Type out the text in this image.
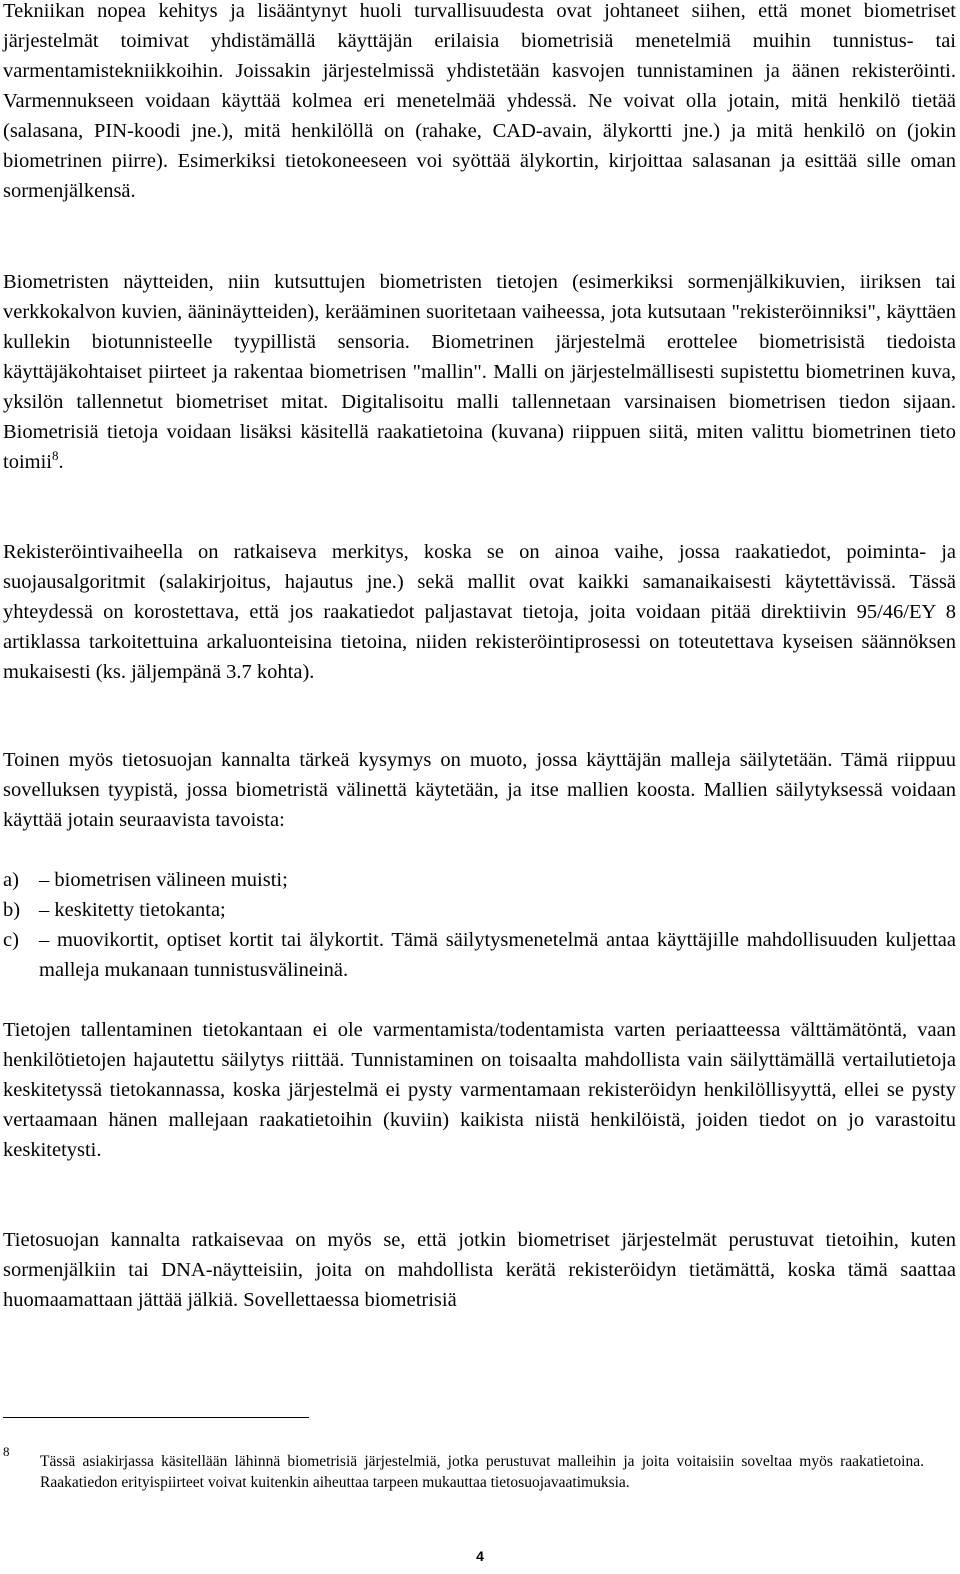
Tekniikan nopea kehitys ja lisääntynyt huoli turvallisuudesta ovat johtaneet siihen, että monet biometriset järjestelmät toimivat yhdistämällä käyttäjän erilaisia biometrisiä menetelmiä muihin tunnistus- tai varmentamistekniikkoihin. Joissakin järjestelmissä yhdistetään kasvojen tunnistaminen ja äänen rekisteröinti. Varmennukseen voidaan käyttää kolmea eri menetelmää yhdessä. Ne voivat olla jotain, mitä henkilö tietää (salasana, PIN-koodi jne.), mitä henkilöllä on (rahake, CAD-avain, älykortti jne.) ja mitä henkilö on (jokin biometrinen piirre). Esimerkiksi tietokoneeseen voi syöttää älykortin, kirjoittaa salasanan ja esittää sille oman sormenjälkensä.

Biometristen näytteiden, niin kutsuttujen biometristen tietojen (esimerkiksi sormenjälkikuvien, iiriksen tai verkkokalvon kuvien, ääninäytteiden), kerääminen suoritetaan vaiheessa, jota kutsutaan "rekisteröinniksi", käyttäen kullekin biotunnisteelle tyypillistä sensoria. Biometrinen järjestelmä erottelee biometrisistä tiedoista käyttäjäkohtaiset piirteet ja rakentaa biometrisen "mallin". Malli on järjestelmällisesti supistettu biometrinen kuva, yksilön tallennetut biometriset mitat. Digitalisoitu malli tallennetaan varsinaisen biometrisen tiedon sijaan. Biometrisiä tietoja voidaan lisäksi käsitellä raakatietoina (kuvana) riippuen siitä, miten valittu biometrinen tieto toimii$^8$.

Rekisteröintivaiheella on ratkaiseva merkitys, koska se on ainoa vaihe, jossa raakatiedot, poiminta- ja suojausalgoritmit (salakirjoitus, hajautus jne.) sekä mallit ovat kaikki samanaikaisesti käytettävissä. Tässä yhteydessä on korostettava, että jos raakatiedot paljastavat tietoja, joita voidaan pitää direktiivin 95/46/EY 8 artiklassa tarkoitettuina arkaluonteisina tietoina, niiden rekisteröintiprosessi on toteutettava kyseisen säännöksen mukaisesti (ks. jäljempänä 3.7 kohta).

Toinen myös tietosuojan kannalta tärkeä kysymys on muoto, jossa käyttäjän malleja säilytetään. Tämä riippuu sovelluksen tyypistä, jossa biometristä välinettä käytetään, ja itse mallien koosta. Mallien säilytyksessä voidaan käyttää jotain seuraavista tavoista:

a) – biometrisen välineen muisti;
b) – keskitetty tietokanta;
c) – muovikortit, optiset kortit tai älykortit. Tämä säilytysmenetelmä antaa käyttäjille mahdollisuuden kuljettaa malleja mukanaan tunnistusvälineinä.

Tietojen tallentaminen tietokantaan ei ole varmentamista/todentamista varten periaatteessa välttämätöntä, vaan henkilötietojen hajautettu säilytys riittää. Tunnistaminen on toisaalta mahdollista vain säilyttämällä vertailutietoja keskitetyssä tietokannassa, koska järjestelmä ei pysty varmentamaan rekisteröidyn henkilöllisyyttä, ellei se pysty vertaamaan hänen mallejaan raakatietoihin (kuviin) kaikista niistä henkilöistä, joiden tiedot on jo varastoitu keskitetysti.

Tietosuojan kannalta ratkaisevaa on myös se, että jotkin biometriset järjestelmät perustuvat tietoihin, kuten sormenjälkiin tai DNA-näytteisiin, joita on mahdollista kerätä rekisteröidyn tietämättä, koska tämä saattaa huomaamattaan jättää jälkiä. Sovellettaessa biometrisiä

8
Tässä asiakirjassa käsitellään lähinnä biometrisiä järjestelmiä, jotka perustuvat malleihin ja joita voitaisiin soveltaa myös raakatietoina. Raakatiedon erityispiirteet voivat kuitenkin aiheuttaa tarpeen mukauttaa tietosuojavaatimuksia.
4
